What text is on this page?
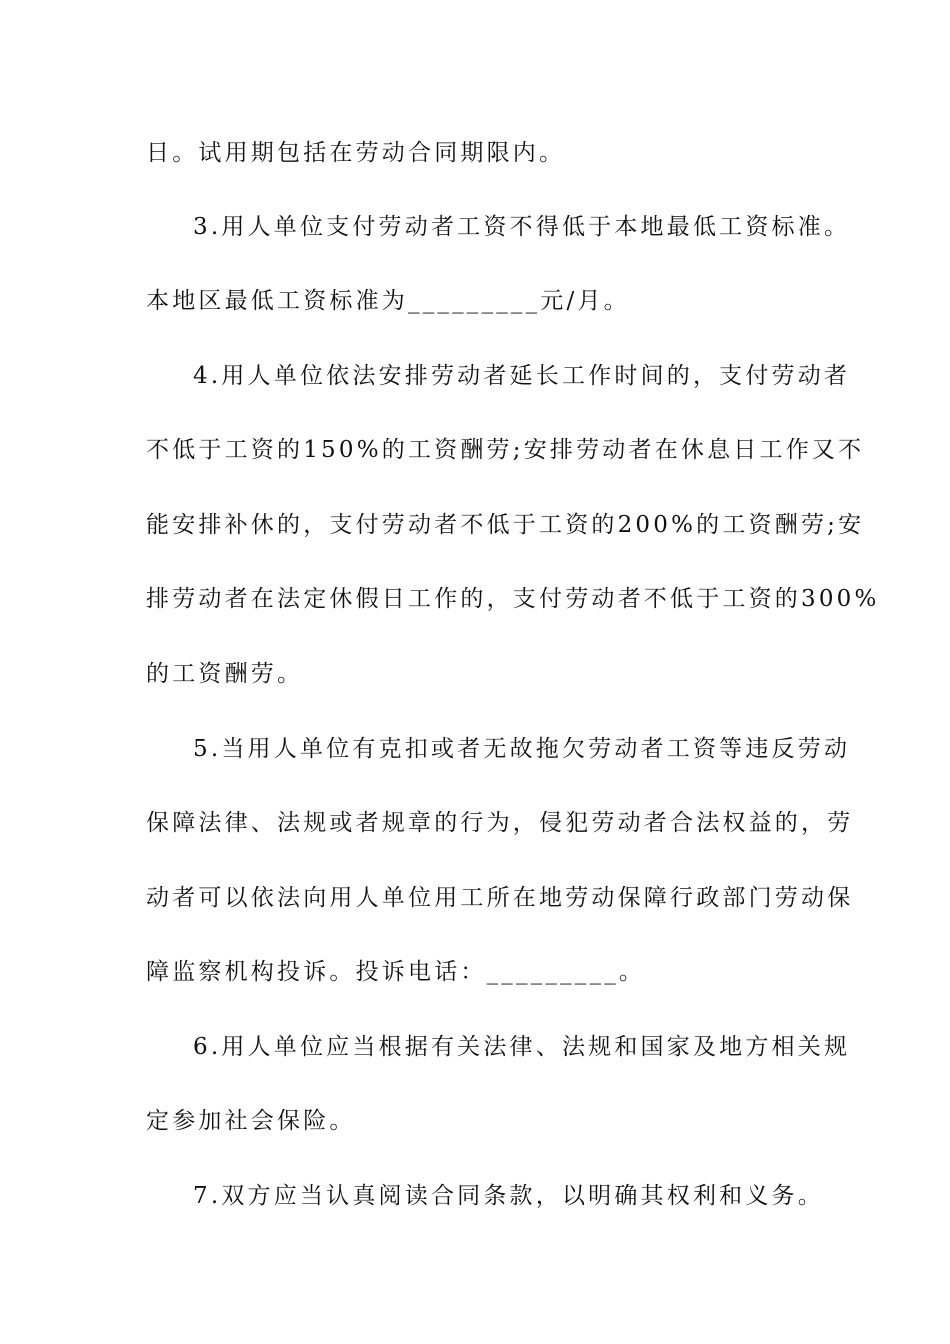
日。试用期包括在劳动合同期限内。
3.用人单位支付劳动者工资不得低于本地最低工资标准。
本地区最低工资标准为_________元/月。
4.用人单位依法安排劳动者延长工作时间的，支付劳动者
不低于工资的150%的工资酬劳;安排劳动者在休息日工作又不
能安排补休的，支付劳动者不低于工资的200%的工资酬劳;安
排劳动者在法定休假日工作的，支付劳动者不低于工资的300%
的工资酬劳。
5.当用人单位有克扣或者无故拖欠劳动者工资等违反劳动
保障法律、法规或者规章的行为，侵犯劳动者合法权益的，劳
动者可以依法向用人单位用工所在地劳动保障行政部门劳动保
障监察机构投诉。投诉电话：_________。
6.用人单位应当根据有关法律、法规和国家及地方相关规
定参加社会保险。
7.双方应当认真阅读合同条款，以明确其权利和义务。
